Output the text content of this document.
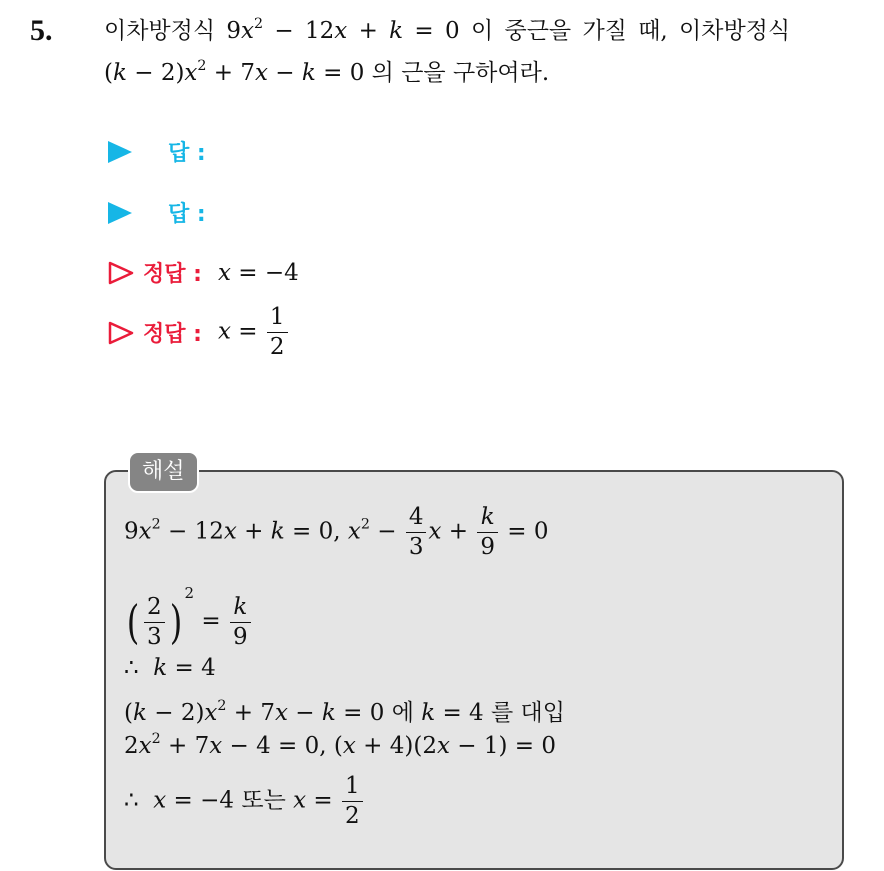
5. 이차방정식 $9x^2 - 12x + k = 0$ 이 중근을 가질 때, 이차방정식
$(k - 2)x^2 + 7x - k = 0$ 의 근을 구하여라.
답 :
답 :
정답 : x = −4
정답 : $x = \frac{1}{2}$
해설
$9x^2 - 12x + k = 0$, $x^2 - \frac{4}{3}$ $x + \frac{k}{9} = 0$
( $\frac{2}{3} )^2 = \frac{k}{9}$
∴ k = 4
$(k - 2)x^2 + 7x - k = 0$ 에 k = 4 를 대입
$2x^2 + 7x - 4 = 0$, (x + 4)(2x − 1) = 0
∴ x = −4 또는 $x = \frac{1}{2}$
